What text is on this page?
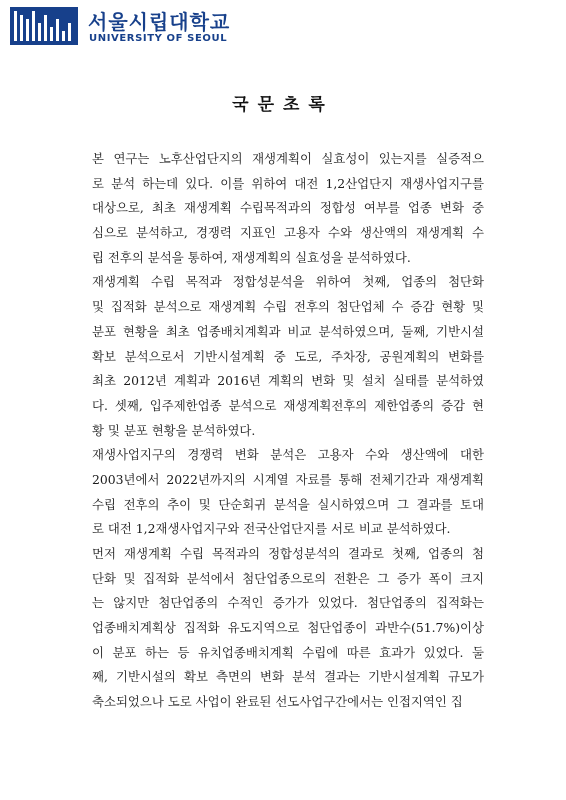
서울시립대학교
UNIVERSITY OF SEOUL
국문초록
본 연구는 노후산업단지의 재생계획이 실효성이 있는지를 실증적으
로 분석 하는데 있다. 이를 위하여 대전 1,2산업단지 재생사업지구를
대상으로, 최초 재생계획 수립목적과의 정합성 여부를 업종 변화 중
심으로 분석하고, 경쟁력 지표인 고용자 수와 생산액의 재생계획 수
립 전후의 분석을 통하여, 재생계획의 실효성을 분석하였다.
재생계획 수립 목적과 정합성분석을 위하여 첫째, 업종의 첨단화
및 집적화 분석으로 재생계획 수립 전후의 첨단업체 수 증감 현황 및
분포 현황을 최초 업종배치계획과 비교 분석하였으며, 둘째, 기반시설
확보 분석으로서 기반시설계획 중 도로, 주차장, 공원계획의 변화를
최초 2012년 계획과 2016년 계획의 변화 및 설치 실태를 분석하였
다. 셋째, 입주제한업종 분석으로 재생계획전후의 제한업종의 증감 현
황 및 분포 현황을 분석하였다.
재생사업지구의 경쟁력 변화 분석은 고용자 수와 생산액에 대한
2003년에서 2022년까지의 시계열 자료를 통해 전체기간과 재생계획
수립 전후의 추이 및 단순회귀 분석을 실시하였으며 그 결과를 토대
로 대전 1,2재생사업지구와 전국산업단지를 서로 비교 분석하였다.
먼저 재생계획 수립 목적과의 정합성분석의 결과로 첫째, 업종의 첨
단화 및 집적화 분석에서 첨단업종으로의 전환은 그 증가 폭이 크지
는 않지만 첨단업종의 수적인 증가가 있었다. 첨단업종의 집적화는
업종배치계획상 집적화 유도지역으로 첨단업종이 과반수(51.7%)이상
이 분포 하는 등 유치업종배치계획 수립에 따른 효과가 있었다. 둘
째, 기반시설의 확보 측면의 변화 분석 결과는 기반시설계획 규모가
축소되었으나 도로 사업이 완료된 선도사업구간에서는 인접지역인 집
